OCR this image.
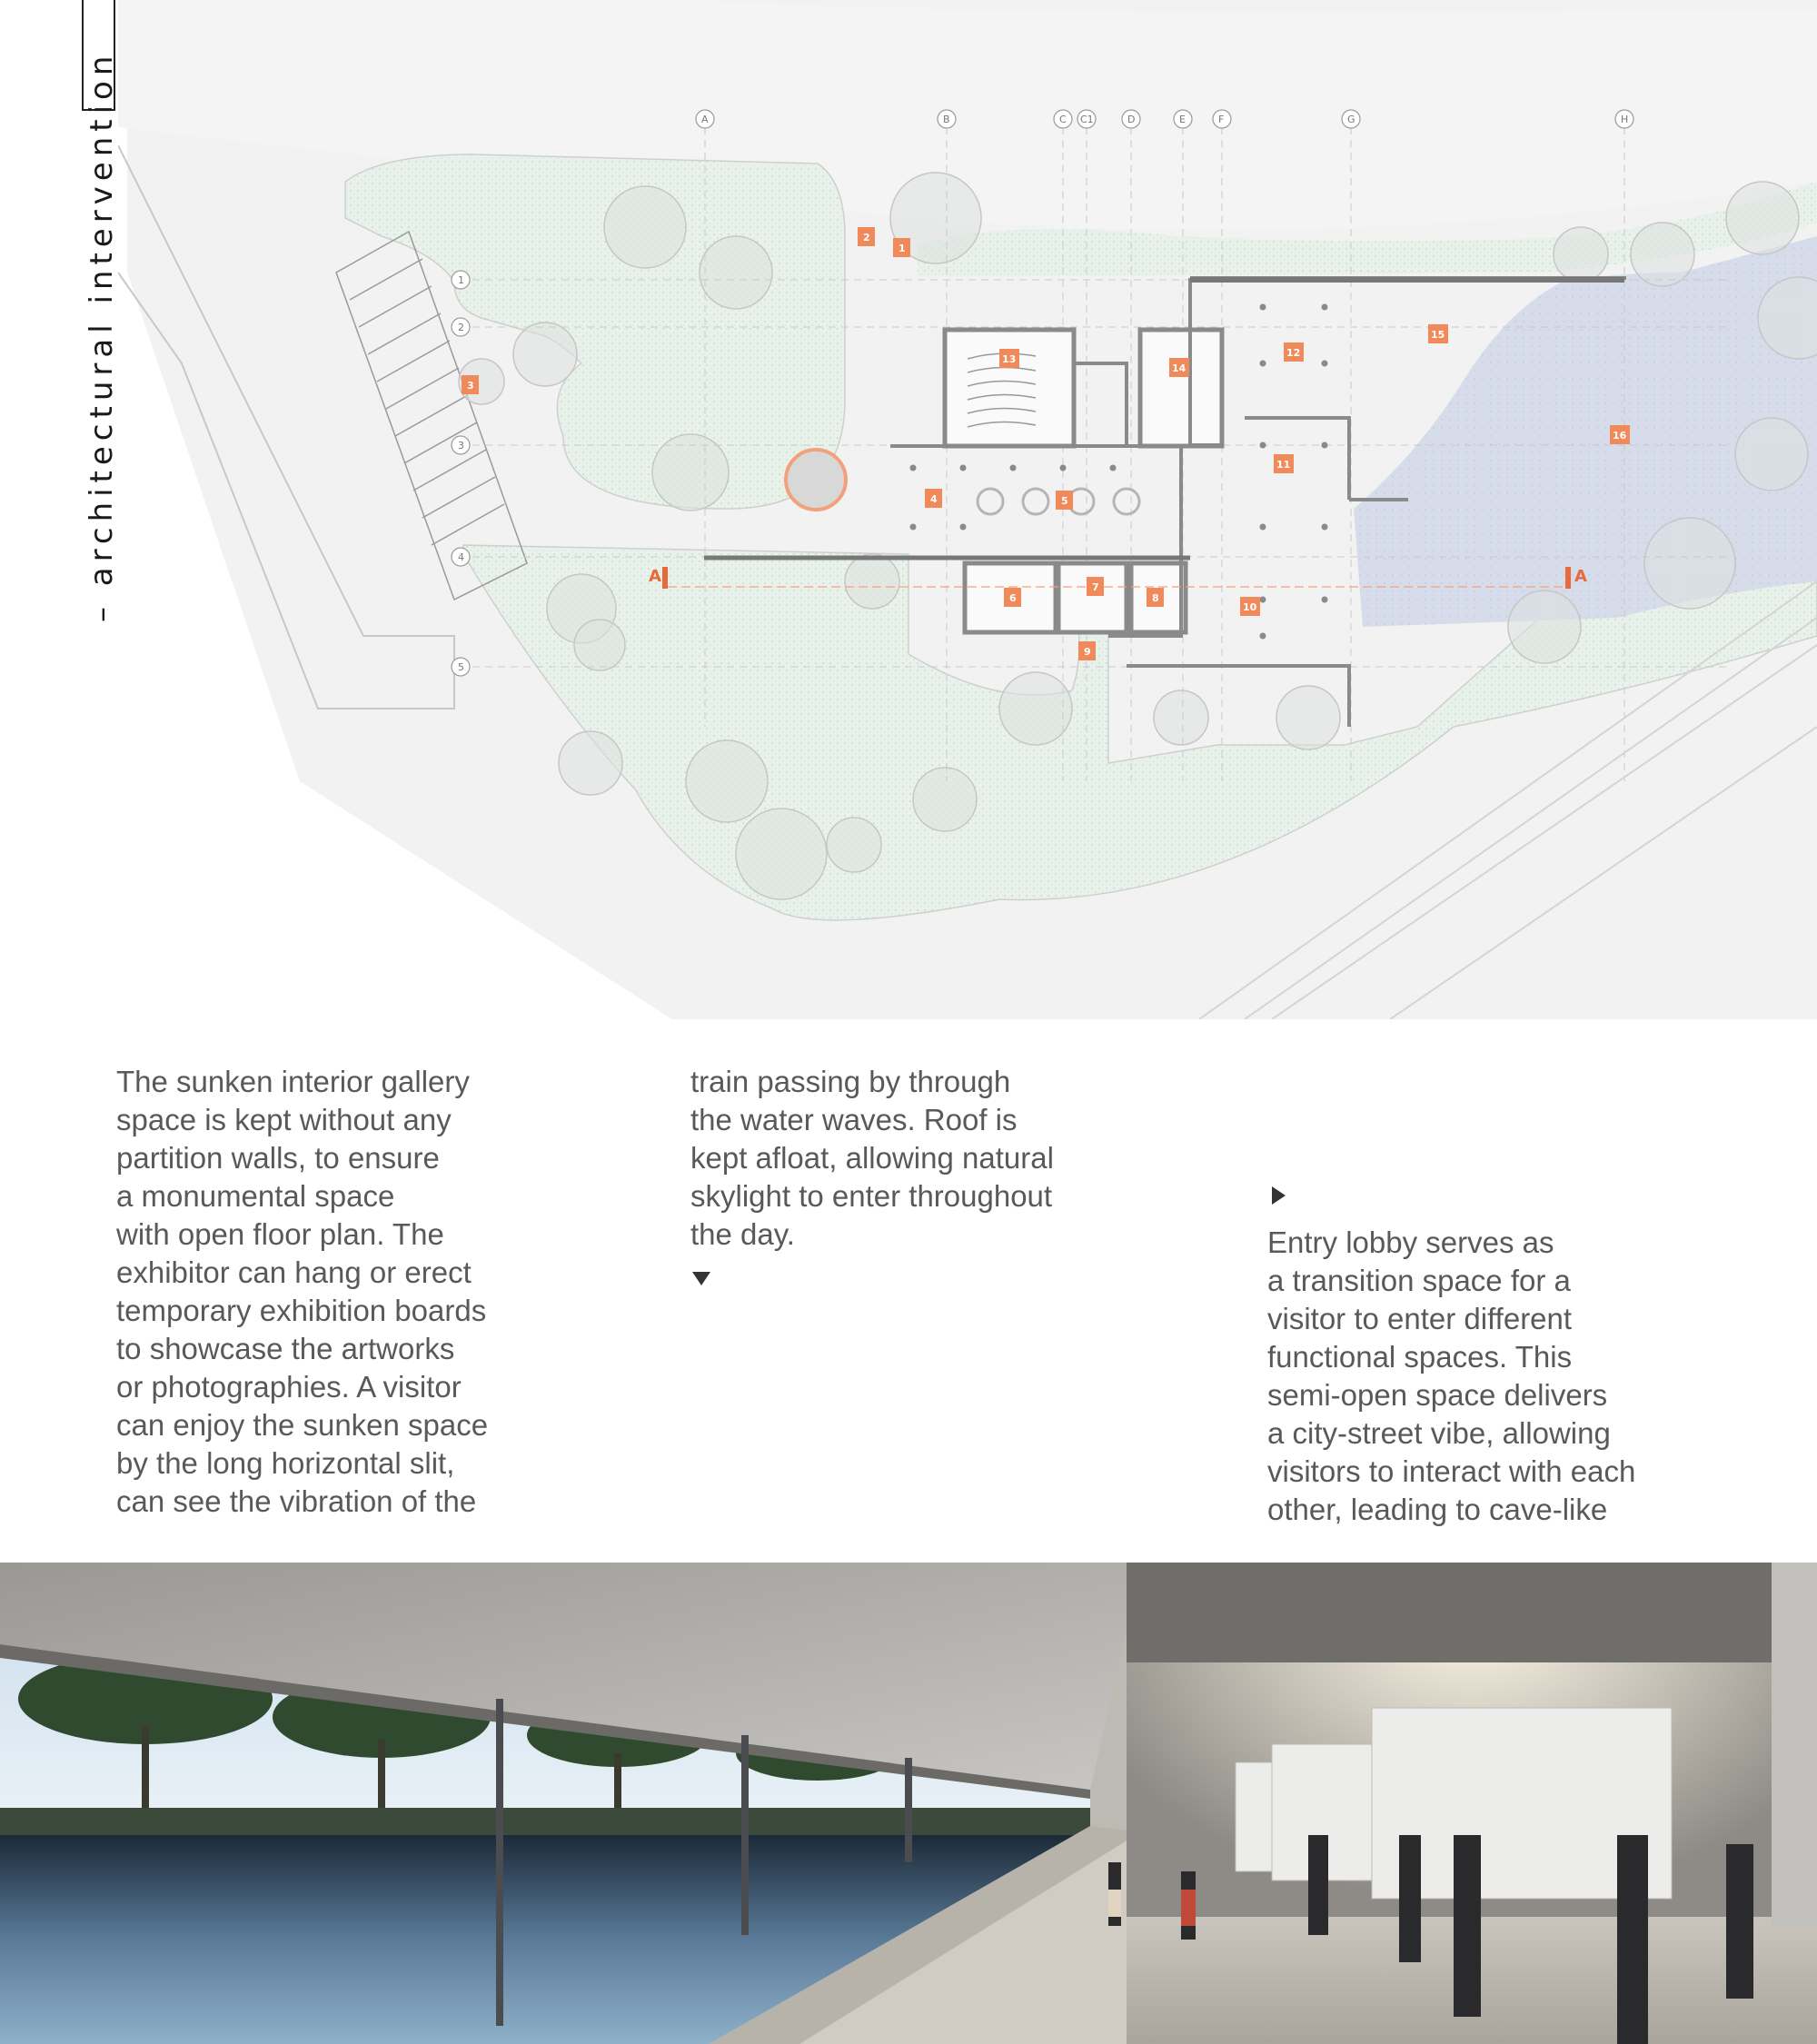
– architectural intervention	A	B	C C1	D	E	F	G	H
1
2
3
4
5
A	A
1
2
3
4	5
6
7
8
9
10
11
12
13
14
15
16
The sunken interior gallery
space is kept without any
partition walls, to ensure
a monumental space
with open floor plan. The
exhibitor can hang or erect
temporary exhibition boards
to showcase the artworks
or photographies. A visitor
can enjoy the sunken space
by the long horizontal slit,
can see the vibration of the
train passing by through
the water waves. Roof is
kept afloat, allowing natural
skylight to enter throughout
the day.	Entry lobby serves as
a transition space for a
visitor to enter different
functional spaces. This
semi-open space delivers
a city-street vibe, allowing
visitors to interact with each
other, leading to cave-like
